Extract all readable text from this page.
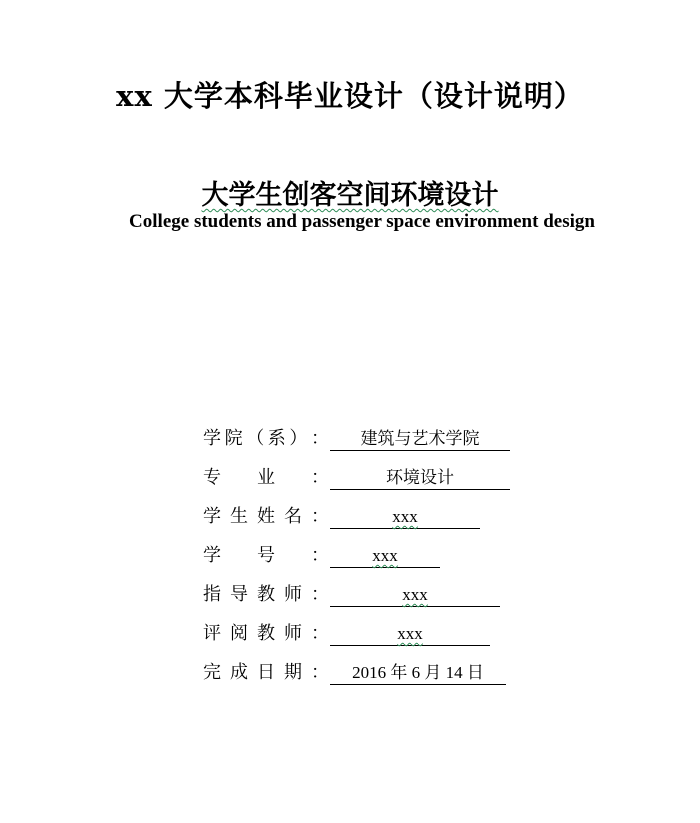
xx 大学本科毕业设计（设计说明）
大学生创客空间环境设计
College students and passenger space environment design
学 院 （ 系 ） ：	建筑与艺术学院
专 业 ：	环境设计
学 生 姓 名 ：	xxx
学 号 ：	xxx
指 导 教 师 ：	xxx
评 阅 教 师 ：	xxx
完 成 日 期 ：	2016 年 6 月 14 日
